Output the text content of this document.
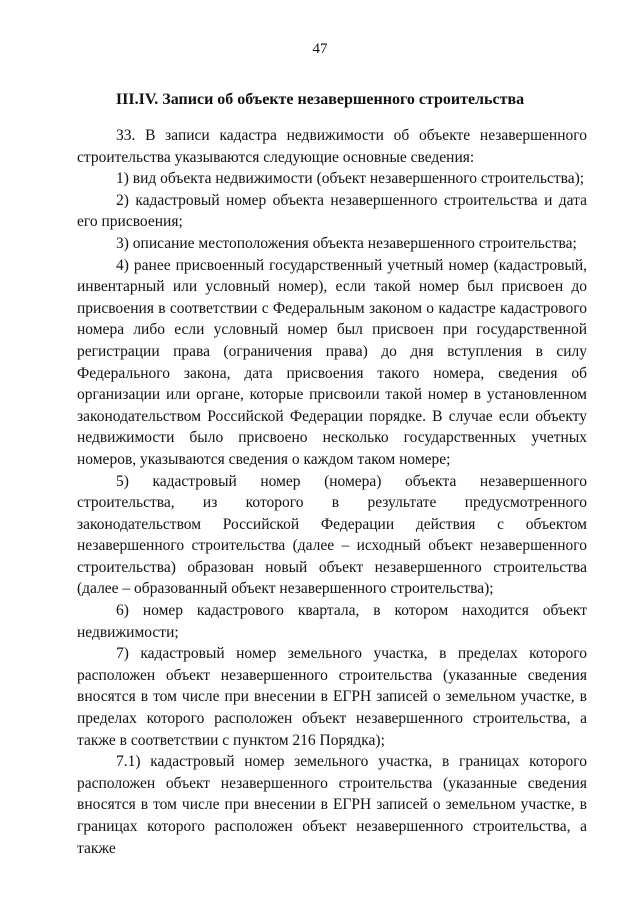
47
III.IV. Записи об объекте незавершенного строительства

33. В записи кадастра недвижимости об объекте незавершенного строительства указываются следующие основные сведения:

1) вид объекта недвижимости (объект незавершенного строительства);

2) кадастровый номер объекта незавершенного строительства и дата его присвоения;

3) описание местоположения объекта незавершенного строительства;

4) ранее присвоенный государственный учетный номер (кадастровый, инвентарный или условный номер), если такой номер был присвоен до присвоения в соответствии с Федеральным законом о кадастре кадастрового номера либо если условный номер был присвоен при государственной регистрации права (ограничения права) до дня вступления в силу Федерального закона, дата присвоения такого номера, сведения об организации или органе, которые присвоили такой номер в установленном законодательством Российской Федерации порядке. В случае если объекту недвижимости было присвоено несколько государственных учетных номеров, указываются сведения о каждом таком номере;

5) кадастровый номер (номера) объекта незавершенного строительства, из которого в результате предусмотренного законодательством Российской Федерации действия с объектом незавершенного строительства (далее – исходный объект незавершенного строительства) образован новый объект незавершенного строительства (далее – образованный объект незавершенного строительства);

6) номер кадастрового квартала, в котором находится объект недвижимости;

7) кадастровый номер земельного участка, в пределах которого расположен объект незавершенного строительства (указанные сведения вносятся в том числе при внесении в ЕГРН записей о земельном участке, в пределах которого расположен объект незавершенного строительства, а также в соответствии с пунктом 216 Порядка);

7.1) кадастровый номер земельного участка, в границах которого расположен объект незавершенного строительства (указанные сведения вносятся в том числе при внесении в ЕГРН записей о земельном участке, в границах которого расположен объект незавершенного строительства, а также
